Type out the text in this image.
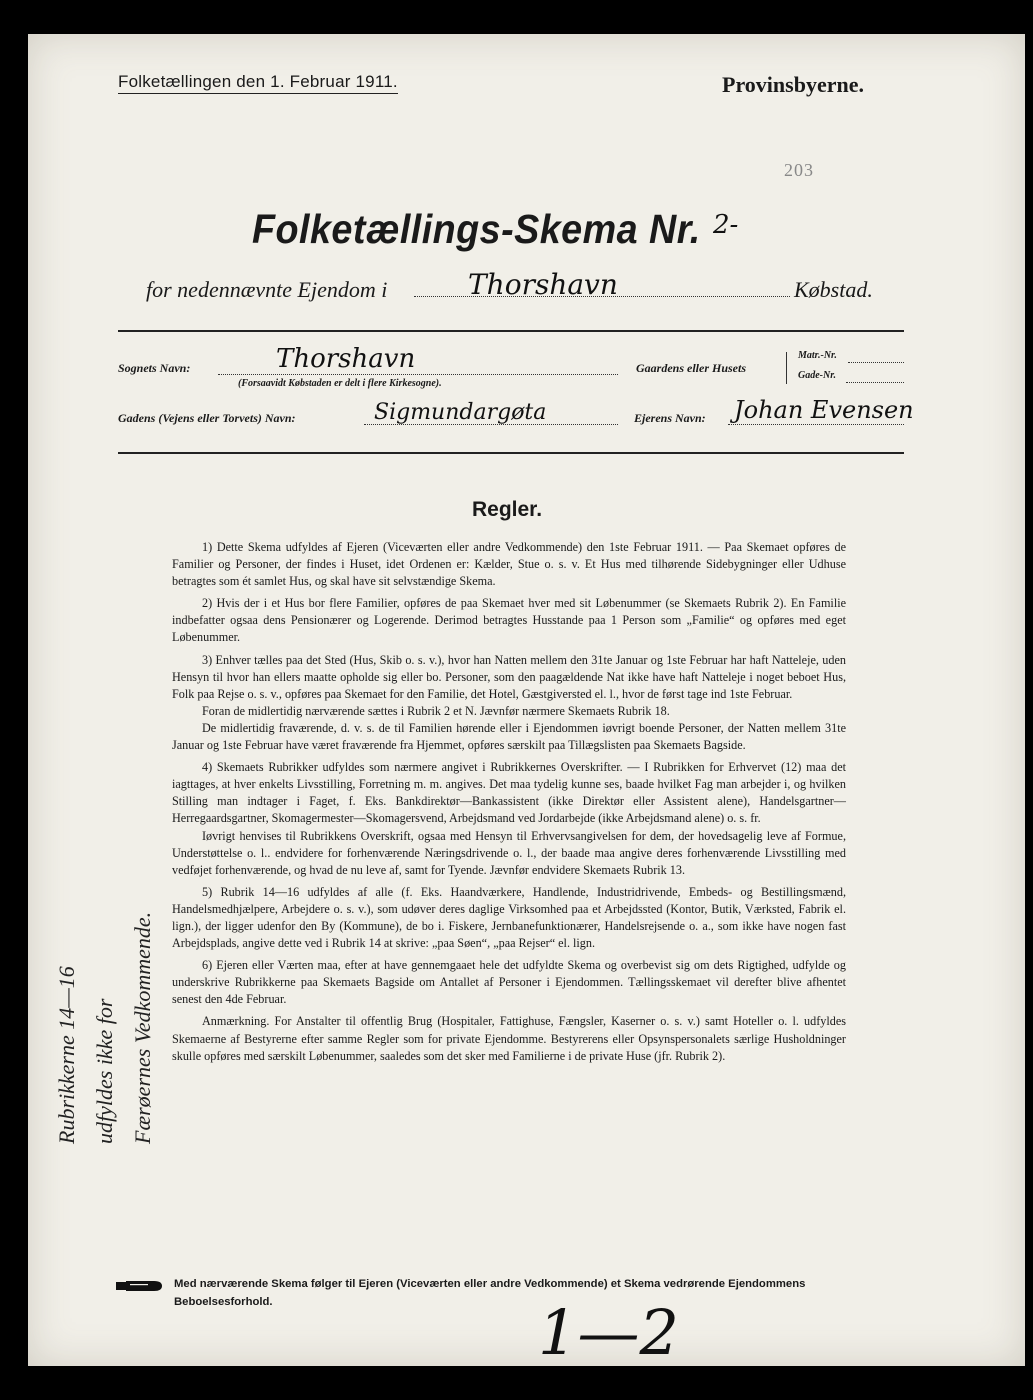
Folketællingen den 1. Februar 1911.	Provinsbyerne.
203
Folketællings-Skema Nr. 2-
for nedennævnte Ejendom i	Thorshavn	Købstad.
Sognets Navn:	Thorshavn
(Forsaavidt Købstaden er delt i flere Kirkesogne).
Gaardens eller Husets
Matr.-Nr.
Gade-Nr.
Gadens (Vejens eller Torvets) Navn:	Sigmundargøta	Ejerens Navn: Johan Evensen
Regler.

1) Dette Skema udfyldes af Ejeren (Viceværten eller andre Vedkommende) den 1ste Februar 1911. — Paa Skemaet opføres de Familier og Personer, der findes i Huset, idet Ordenen er: Kælder, Stue o. s. v. Et Hus med tilhørende Sidebygninger eller Udhuse betragtes som ét samlet Hus, og skal have sit selvstændige Skema.

2) Hvis der i et Hus bor flere Familier, opføres de paa Skemaet hver med sit Løbenummer (se Skemaets Rubrik 2). En Familie indbefatter ogsaa dens Pensionærer og Logerende. Derimod betragtes Husstande paa 1 Person som „Familie“ og opføres med eget Løbenummer.

3) Enhver tælles paa det Sted (Hus, Skib o. s. v.), hvor han Natten mellem den 31te Januar og 1ste Februar har haft Natteleje, uden Hensyn til hvor han ellers maatte opholde sig eller bo. Personer, som den paagældende Nat ikke have haft Natteleje i noget beboet Hus, Folk paa Rejse o. s. v., opføres paa Skemaet for den Familie, det Hotel, Gæstgiversted el. l., hvor de først tage ind 1ste Februar.

Foran de midlertidig nærværende sættes i Rubrik 2 et N. Jævnfør nærmere Skemaets Rubrik 18.

De midlertidig fraværende, d. v. s. de til Familien hørende eller i Ejendommen iøvrigt boende Personer, der Natten mellem 31te Januar og 1ste Februar have været fraværende fra Hjemmet, opføres særskilt paa Tillægslisten paa Skemaets Bagside.

4) Skemaets Rubrikker udfyldes som nærmere angivet i Rubrikkernes Overskrifter. — I Rubrikken for Erhvervet (12) maa det iagttages, at hver enkelts Livsstilling, Forretning m. m. angives. Det maa tydelig kunne ses, baade hvilket Fag man arbejder i, og hvilken Stilling man indtager i Faget, f. Eks. Bankdirektør—Bankassistent (ikke Direktør eller Assistent alene), Handelsgartner—Herregaardsgartner, Skomagermester—Skomagersvend, Arbejdsmand ved Jordarbejde (ikke Arbejdsmand alene) o. s. fr.

Iøvrigt henvises til Rubrikkens Overskrift, ogsaa med Hensyn til Erhvervsangivelsen for dem, der hovedsagelig leve af Formue, Understøttelse o. l.. endvidere for forhenværende Næringsdrivende o. l., der baade maa angive deres forhenværende Livsstilling med vedføjet forhenværende, og hvad de nu leve af, samt for Tyende. Jævnfør endvidere Skemaets Rubrik 13.

5) Rubrik 14—16 udfyldes af alle (f. Eks. Haandværkere, Handlende, Industridrivende, Embeds- og Bestillingsmænd, Handelsmedhjælpere, Arbejdere o. s. v.), som udøver deres daglige Virksomhed paa et Arbejdssted (Kontor, Butik, Værksted, Fabrik el. lign.), der ligger udenfor den By (Kommune), de bo i. Fiskere, Jernbanefunktionærer, Handelsrejsende o. a., som ikke have nogen fast Arbejdsplads, angive dette ved i Rubrik 14 at skrive: „paa Søen“, „paa Rejser“ el. lign.

6) Ejeren eller Værten maa, efter at have gennemgaaet hele det udfyldte Skema og overbevist sig om dets Rigtighed, udfylde og underskrive Rubrikkerne paa Skemaets Bagside om Antallet af Personer i Ejendommen. Tællingsskemaet vil derefter blive afhentet senest den 4de Februar.

Anmærkning. For Anstalter til offentlig Brug (Hospitaler, Fattighuse, Fængsler, Kaserner o. s. v.) samt Hoteller o. l. udfyldes Skemaerne af Bestyrerne efter samme Regler som for private Ejendomme. Bestyrerens eller Opsynspersonalets særlige Husholdninger skulle opføres med særskilt Løbenummer, saaledes som det sker med Familierne i de private Huse (jfr. Rubrik 2).

Rubrikkerne 14—16 udfyldes ikke for Færøernes Vedkommende.
Med nærværende Skema følger til Ejeren (Viceværten eller andre Vedkommende) et Skema vedrørende Ejendommens Beboelsesforhold.	1—2
